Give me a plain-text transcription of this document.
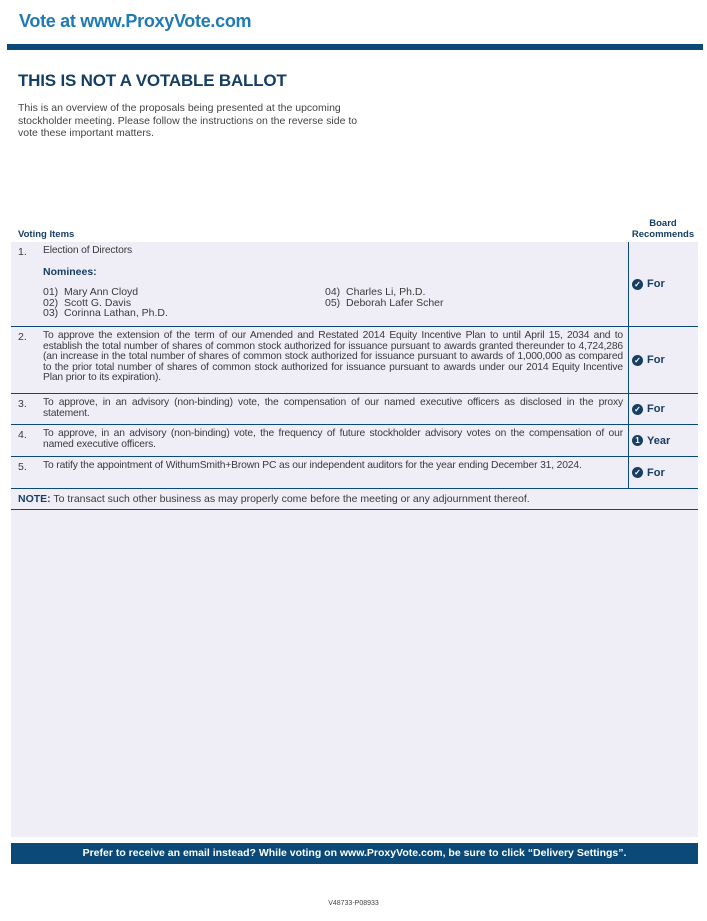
Vote at www.ProxyVote.com
THIS IS NOT A VOTABLE BALLOT
This is an overview of the proposals being presented at the upcoming stockholder meeting. Please follow the instructions on the reverse side to vote these important matters.
Voting Items
Board Recommends
1. Election of Directors
Nominees:
01) Mary Ann Cloyd
02) Scott G. Davis
03) Corinna Lathan, Ph.D.
04) Charles Li, Ph.D.
05) Deborah Lafer Scher
✓ For
2. To approve the extension of the term of our Amended and Restated 2014 Equity Incentive Plan to until April 15, 2034 and to establish the total number of shares of common stock authorized for issuance pursuant to awards granted thereunder to 4,724,286 (an increase in the total number of shares of common stock authorized for issuance pursuant to awards of 1,000,000 as compared to the prior total number of shares of common stock authorized for issuance pursuant to awards under our 2014 Equity Incentive Plan prior to its expiration).
✓ For
3. To approve, in an advisory (non-binding) vote, the compensation of our named executive officers as disclosed in the proxy statement.	✓ For
4. To approve, in an advisory (non-binding) vote, the frequency of future stockholder advisory votes on the compensation of our named executive officers.	1 Year
5. To ratify the appointment of WithumSmith+Brown PC as our independent auditors for the year ending December 31, 2024.
✓ For
NOTE: To transact such other business as may properly come before the meeting or any adjournment thereof.
Prefer to receive an email instead? While voting on www.ProxyVote.com, be sure to click “Delivery Settings”.
V48733-P08933
